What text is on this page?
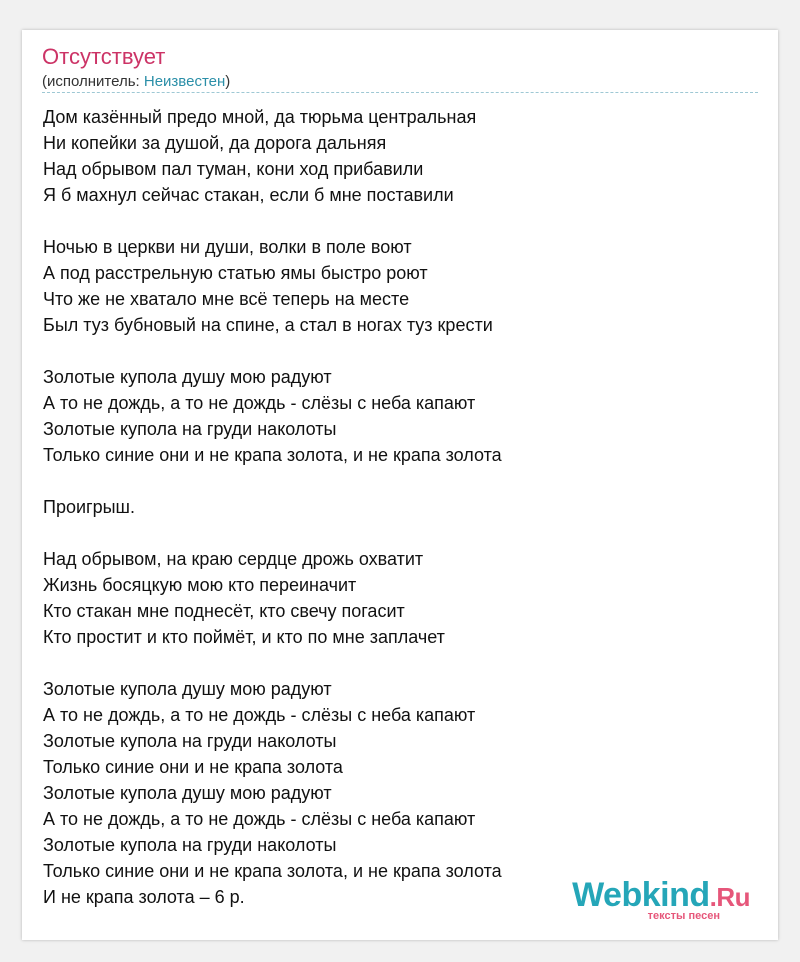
Отсутствует
(исполнитель: Неизвестен)
Дом казённый предо мной, да тюрьма центральная
Ни копейки за душой, да дорога дальняя
Над обрывом пал туман, кони ход прибавили
Я б махнул сейчас стакан, если б мне поставили
Ночью в церкви ни души, волки в поле воют
А под расстрельную статью ямы быстро роют
Что же не хватало мне всё теперь на месте
Был туз бубновый на спине, а стал в ногах туз крести
Золотые купола душу мою радуют
А то не дождь, а то не дождь - слёзы с неба капают
Золотые купола на груди наколоты
Только синие они и не крапа золота, и не крапа золота
Проигрыш.
Над обрывом, на краю сердце дрожь охватит
Жизнь босяцкую мою кто переиначит
Кто стакан мне поднесёт, кто свечу погасит
Кто простит и кто поймёт, и кто по мне заплачет
Золотые купола душу мою радуют
А то не дождь, а то не дождь - слёзы с неба капают
Золотые купола на груди наколоты
Только синие они и не крапа золота
Золотые купола душу мою радуют
А то не дождь, а то не дождь - слёзы с неба капают
Золотые купола на груди наколоты
Только синие они и не крапа золота, и не крапа золота
И не крапа золота – 6 р.	Webkind.Ru
тексты песен
